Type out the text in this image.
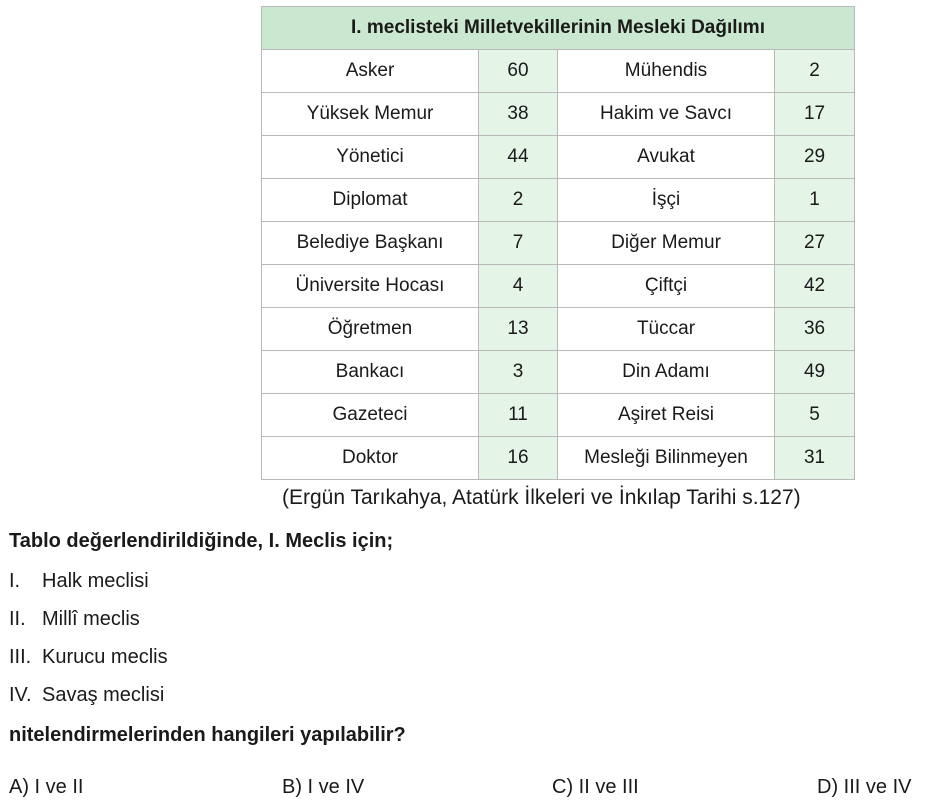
I. meclisteki Milletvekillerinin Mesleki Dağılımı			
Asker	60	Mühendis	2
Yüksek Memur	38	Hakim ve Savcı	17
Yönetici	44	Avukat	29
Diplomat	2	İşçi	1
Belediye Başkanı	7	Diğer Memur	27
Üniversite Hocası	4	Çiftçi	42
Öğretmen	13	Tüccar	36
Bankacı	3	Din Adamı	49
Gazeteci	11	Aşiret Reisi	5
Doktor	16	Mesleği Bilinmeyen	31
(Ergün Tarıkahya, Atatürk İlkeleri ve İnkılap Tarihi s.127)
Tablo değerlendirildiğinde, I. Meclis için;
I.	Halk meclisi
II. Millî meclis
III. Kurucu meclis
IV. Savaş meclisi
nitelendirmelerinden hangileri yapılabilir?
A) I ve II	B) I ve IV	C) II ve III	D) III ve IV
